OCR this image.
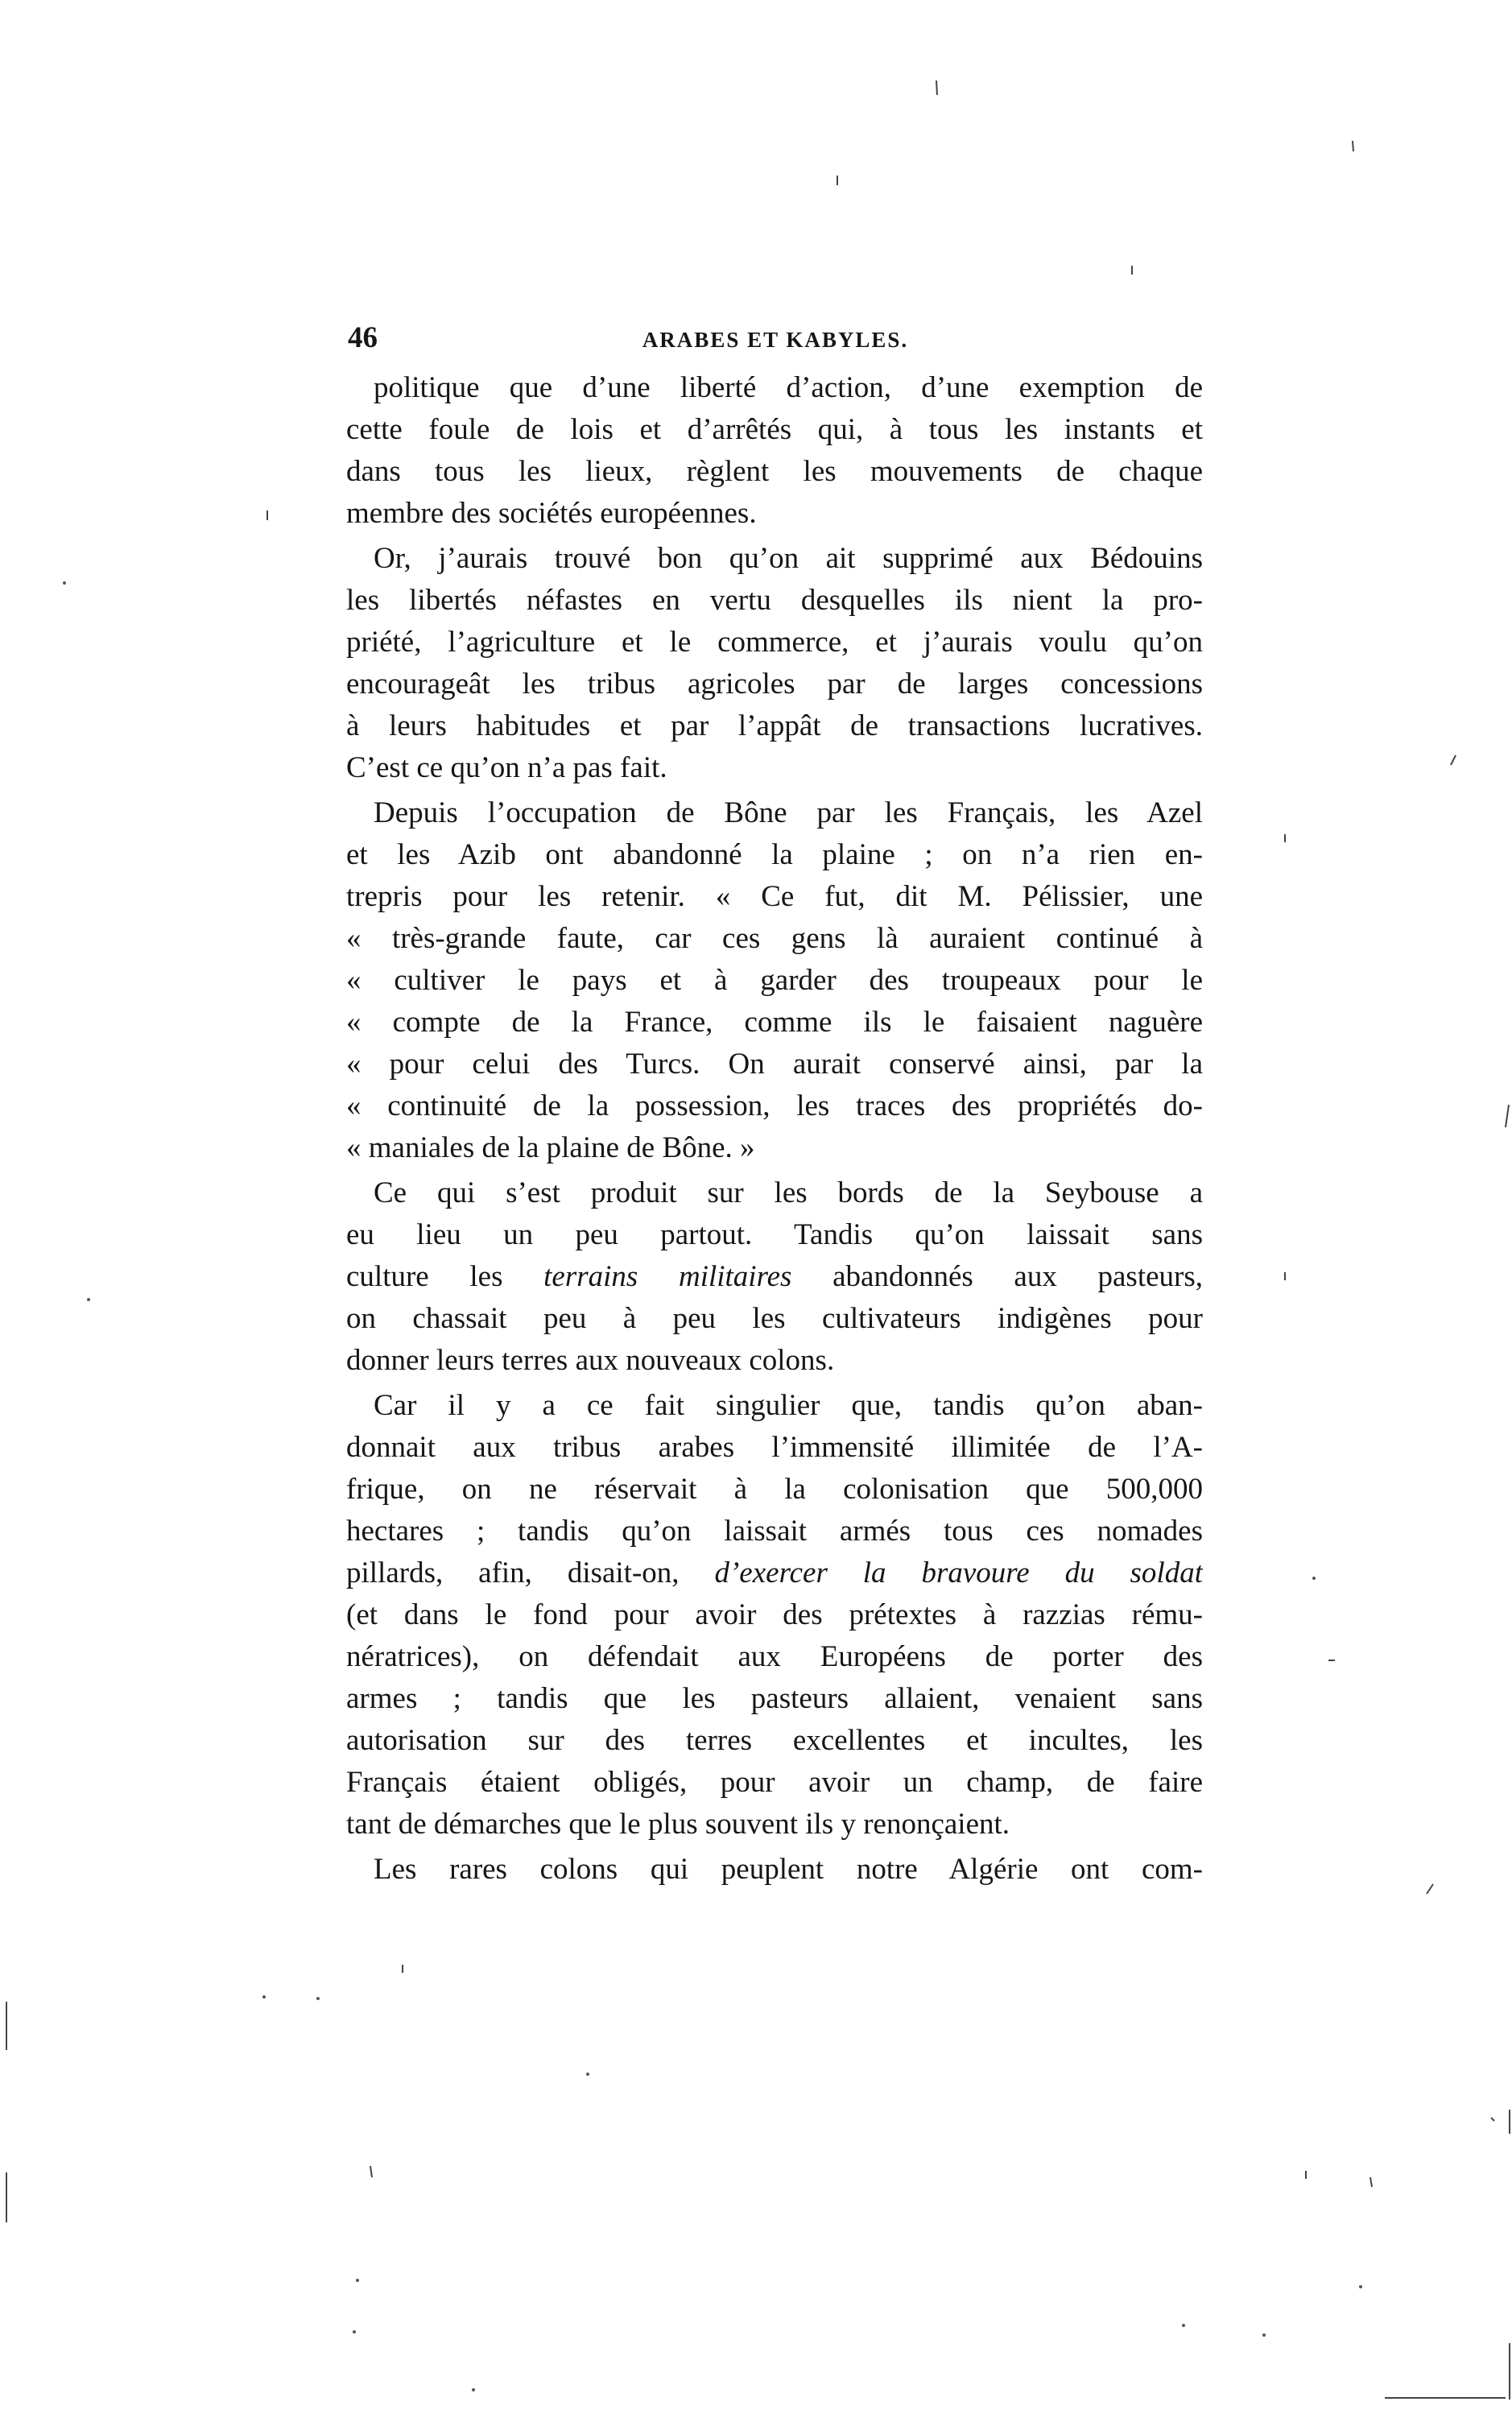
46	ARABES ET KABYLES.
politique que d’une liberté d’action, d’une exemption de
cette foule de lois et d’arrêtés qui, à tous les instants et
dans tous les lieux, règlent les mouvements de chaque
membre des sociétés européennes.
Or, j’aurais trouvé bon qu’on ait supprimé aux Bédouins
les libertés néfastes en vertu desquelles ils nient la pro-
priété, l’agriculture et le commerce, et j’aurais voulu qu’on
encourageât les tribus agricoles par de larges concessions
à leurs habitudes et par l’appât de transactions lucratives.
C’est ce qu’on n’a pas fait.
Depuis l’occupation de Bône par les Français, les Azel
et les Azib ont abandonné la plaine ; on n’a rien en-
trepris pour les retenir. « Ce fut, dit M. Pélissier, une
« très-grande faute, car ces gens là auraient continué à
« cultiver le pays et à garder des troupeaux pour le
« compte de la France, comme ils le faisaient naguère
« pour celui des Turcs. On aurait conservé ainsi, par la
« continuité de la possession, les traces des propriétés do-
« maniales de la plaine de Bône. »
Ce qui s’est produit sur les bords de la Seybouse a
eu lieu un peu partout. Tandis qu’on laissait sans
culture les terrains militaires abandonnés aux pasteurs,
on chassait peu à peu les cultivateurs indigènes pour
donner leurs terres aux nouveaux colons.
Car il y a ce fait singulier que, tandis qu’on aban-
donnait aux tribus arabes l’immensité illimitée de l’A-
frique, on ne réservait à la colonisation que 500,000
hectares ; tandis qu’on laissait armés tous ces nomades
pillards, afin, disait-on, d’exercer la bravoure du soldat
(et dans le fond pour avoir des prétextes à razzias rému-
nératrices), on défendait aux Européens de porter des
armes ; tandis que les pasteurs allaient, venaient sans
autorisation sur des terres excellentes et incultes, les
Français étaient obligés, pour avoir un champ, de faire
tant de démarches que le plus souvent ils y renonçaient.
Les rares colons qui peuplent notre Algérie ont com-
